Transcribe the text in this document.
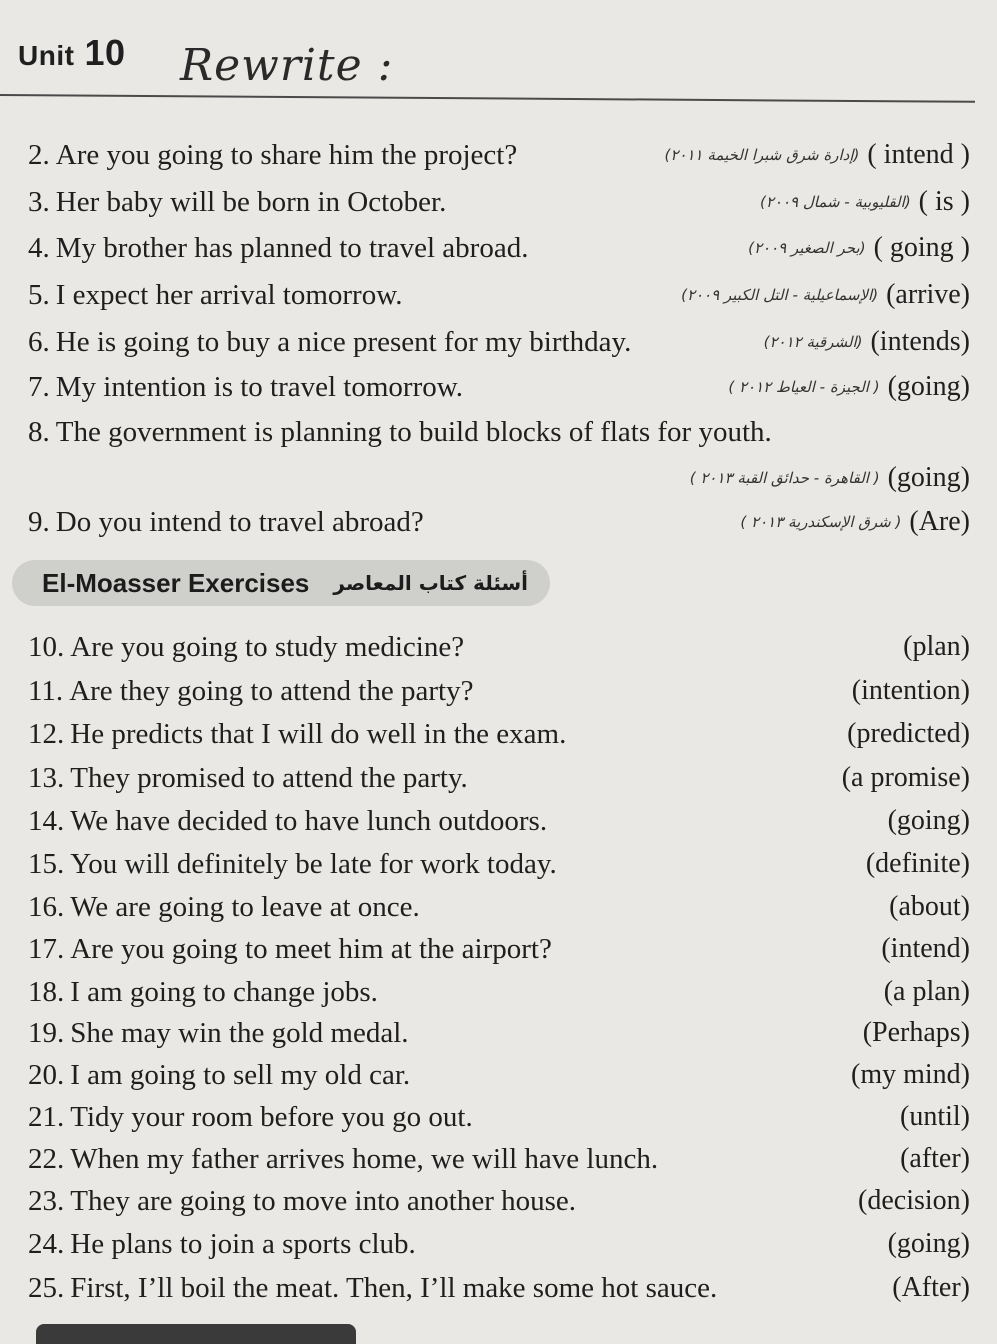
Unit 10 Rewrite :
2. Are you going to share him the project?	(إدارة شرق شبرا الخيمة ٢٠١١) ( intend )
3. Her baby will be born in October.	(القليوبية - شمال ٢٠٠٩) ( is )
4. My brother has planned to travel abroad.	(بحر الصغير ٢٠٠٩) ( going )
5. I expect her arrival tomorrow.	(الإسماعيلية - التل الكبير ٢٠٠٩) (arrive)
6. He is going to buy a nice present for my birthday.	(الشرقية ٢٠١٢) (intends)
7. My intention is to travel tomorrow.	( الجيزة - العياط ٢٠١٢ ) (going)
8. The government is planning to build blocks of flats for youth.
( القاهرة - حدائق القبة ٢٠١٣ ) (going)
9. Do you intend to travel abroad?	( شرق الإسكندرية ٢٠١٣ ) (Are)
El-Moasser Exercises أسئلة كتاب المعاصر
10. Are you going to study medicine?	(plan)
11. Are they going to attend the party?	(intention)
12. He predicts that I will do well in the exam.	(predicted)
13. They promised to attend the party.	(a promise)
14. We have decided to have lunch outdoors.	(going)
15. You will definitely be late for work today.	(definite)
16. We are going to leave at once.	(about)
17. Are you going to meet him at the airport?	(intend)
18. I am going to change jobs.	(a plan)
19. She may win the gold medal.	(Perhaps)
20. I am going to sell my old car.	(my mind)
21. Tidy your room before you go out.	(until)
22. When my father arrives home, we will have lunch.	(after)
23. They are going to move into another house.	(decision)
24. He plans to join a sports club.	(going)
25. First, I’ll boil the meat. Then, I’ll make some hot sauce.	(After)
